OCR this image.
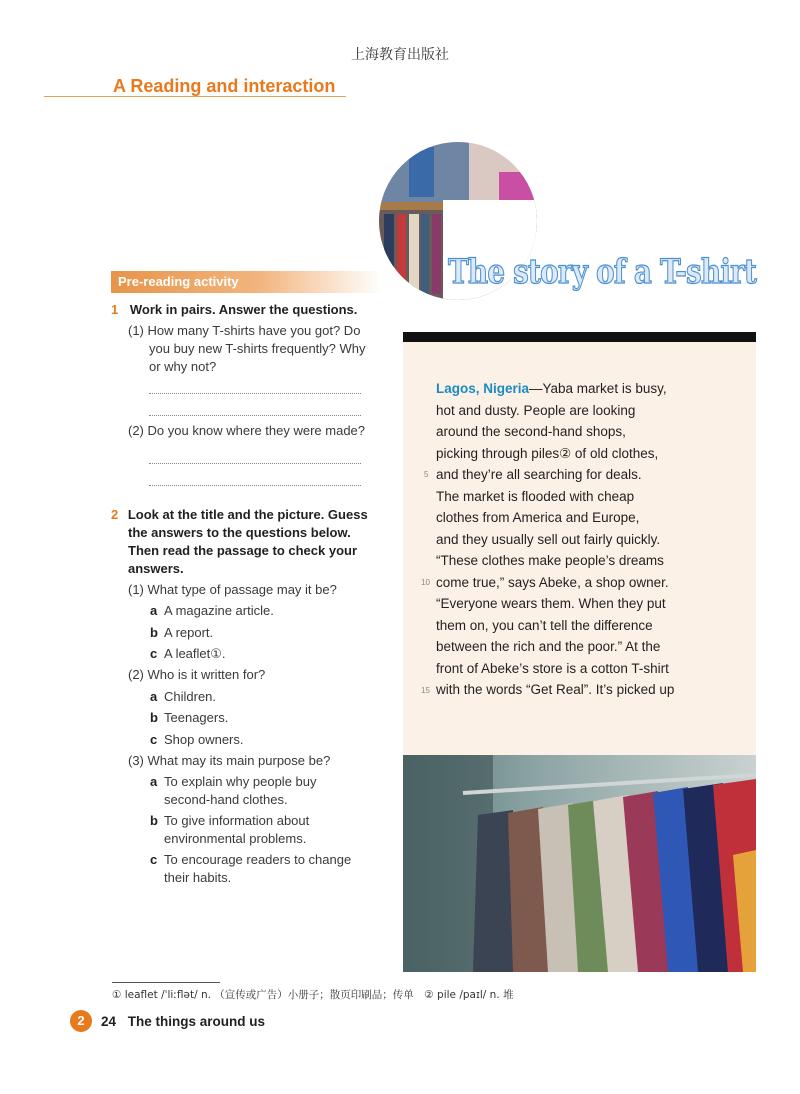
上海教育出版社
A Reading and interaction
The story of a T-shirt
Pre-reading activity
1 Work in pairs. Answer the questions.
(1) How many T-shirts have you got? Do
you buy new T-shirts frequently? Why
or why not?
(2) Do you know where they were made?
2 Look at the title and the picture. Guess
the answers to the questions below.
Then read the passage to check your
answers.
(1) What type of passage may it be?
a A magazine article.
b A report.
c A leaflet①.
(2) Who is it written for?
a Children.
b Teenagers.
c Shop owners.
(3) What may its main purpose be?
a To explain why people buy
second-hand clothes.
b To give information about
environmental problems.
c To encourage readers to change
their habits.
Lagos, Nigeria—Yaba market is busy,
hot and dusty. People are looking
around the second-hand shops,
picking through piles② of old clothes,
and they’re all searching for deals.
The market is flooded with cheap
clothes from America and Europe,
and they usually sell out fairly quickly.
“These clothes make people’s dreams
come true,” says Abeke, a shop owner.
“Everyone wears them. When they put
them on, you can’t tell the difference
between the rich and the poor.” At the
front of Abeke’s store is a cotton T-shirt
with the words “Get Real”. It’s picked up
5
10
15
① leaflet /ˈliːflət/ n. （宣传或广告）小册子；散页印刷品；传单　② pile /paɪl/ n. 堆
2	24 The things around us
